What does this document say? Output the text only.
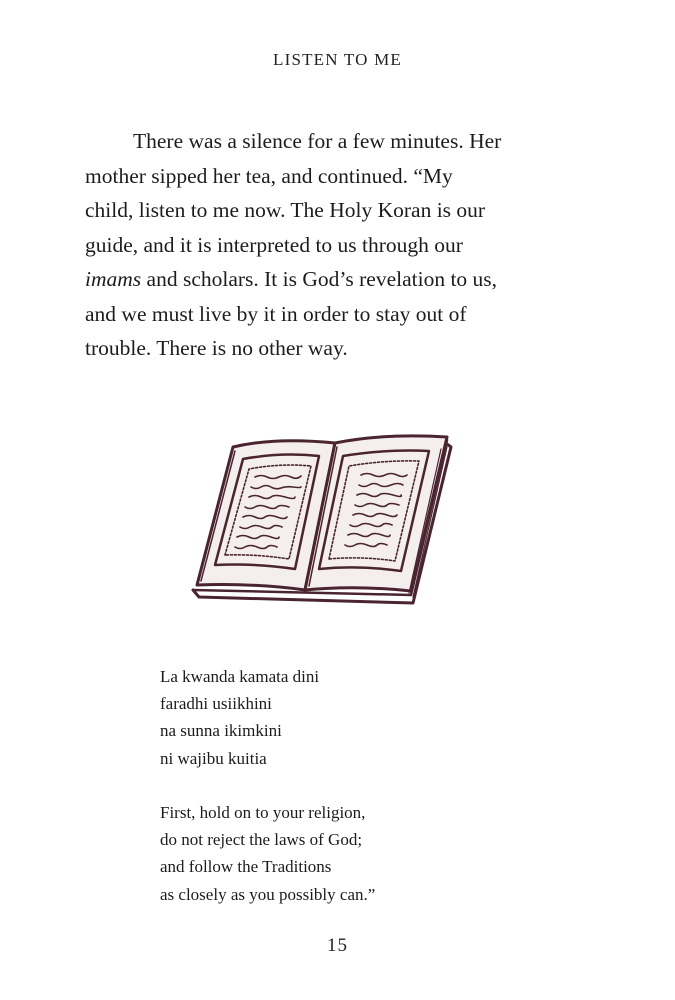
LISTEN TO ME
There was a silence for a few minutes. Her
mother sipped her tea, and continued. “My
child, listen to me now. The Holy Koran is our
guide, and it is interpreted to us through our
imams and scholars. It is God’s revelation to us,
and we must live by it in order to stay out of
trouble. There is no other way.
La kwanda kamata dini
faradhi usiikhini
na sunna ikimkini
ni wajibu kuitia
First, hold on to your religion,
do not reject the laws of God;
and follow the Traditions
as closely as you possibly can.”
15
